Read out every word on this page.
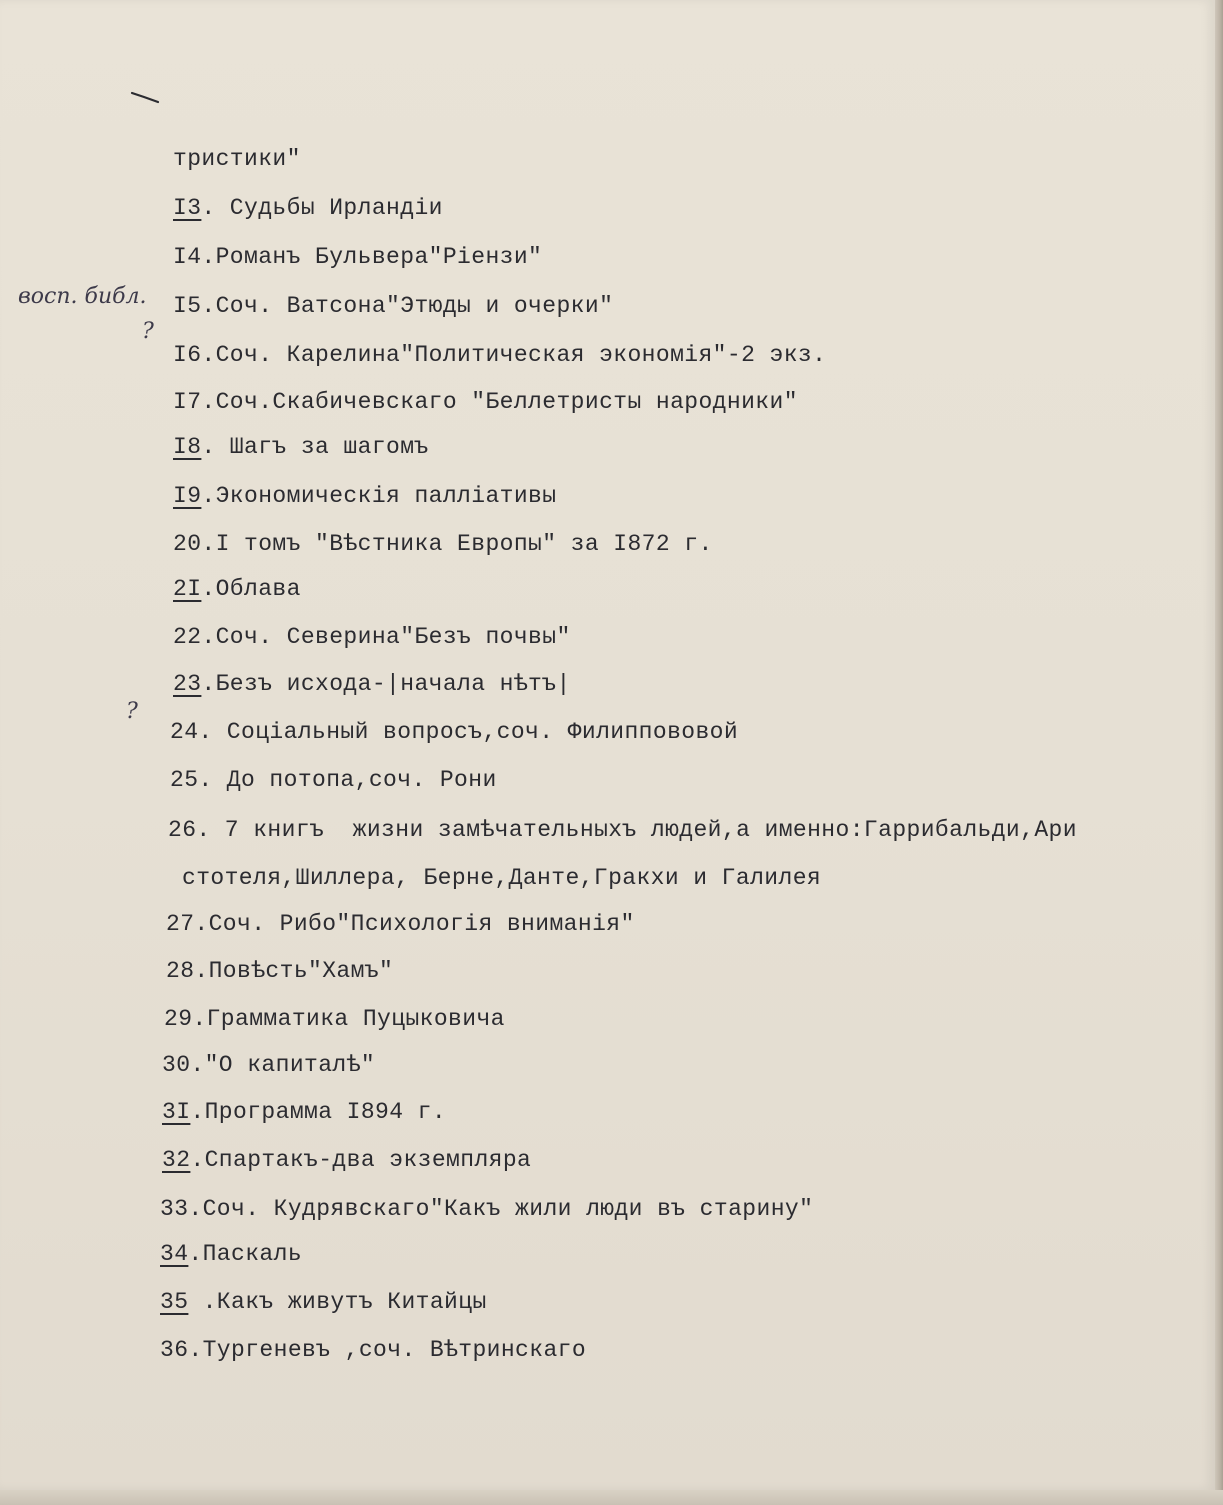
восп. библ.
?
?
тристики"
I3. Судьбы Ирландіи
I4.Романъ Бульвера"Ріензи"
I5.Соч. Ватсона"Этюды и очерки"
I6.Соч. Карелина"Политическая экономія"-2 экз.
I7.Соч.Скабичевскаго "Беллетристы народники"
I8. Шагъ за шагомъ
I9.Экономическія палліативы
20.I томъ "Вѣстника Европы" за I872 г.
2I.Облава
22.Соч. Северина"Безъ почвы"
23.Безъ исхода-|начала нѣтъ|
24. Соціальный вопросъ,соч. Филиппововой
25. До потопа,соч. Рони
26. 7 книгъ  жизни замѣчательныхъ людей,а именно:Гаррибальди,Ари
стотеля,Шиллера, Берне,Данте,Гракхи и Галилея
27.Соч. Рибо"Психологія вниманія"
28.Повѣсть"Хамъ"
29.Грамматика Пуцыковича
30."О капиталѣ"
3I.Программа I894 г.
32.Спартакъ-два экземпляра
33.Соч. Кудрявскаго"Какъ жили люди въ старину"
34.Паскаль
35 .Какъ живутъ Китайцы
36.Тургеневъ ,соч. Вѣтринскаго
